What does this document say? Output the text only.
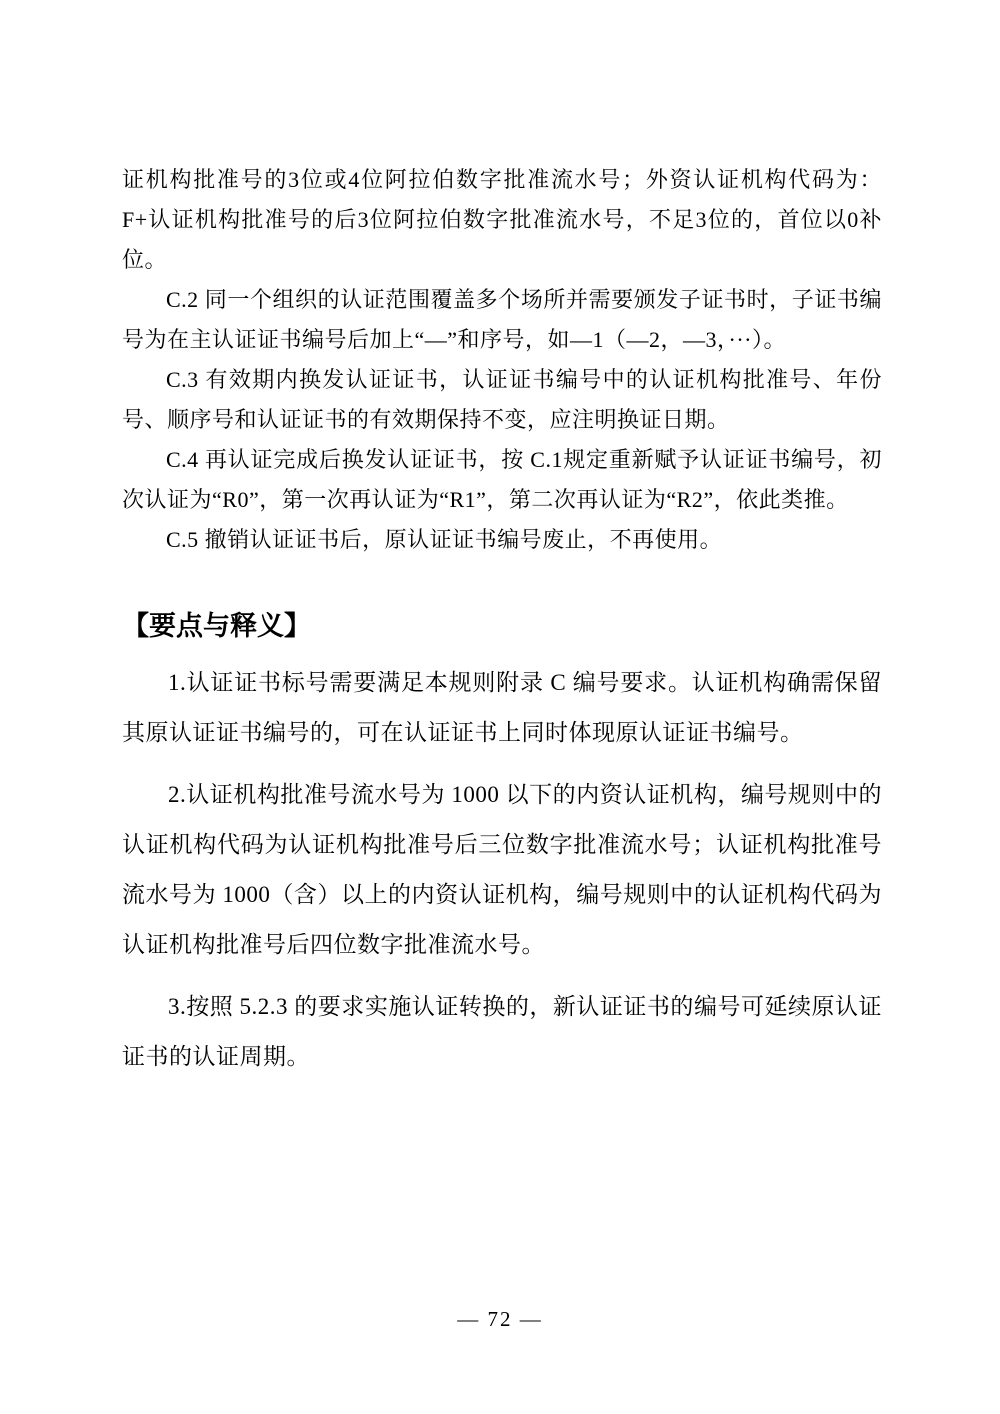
证机构批准号的3位或4位阿拉伯数字批准流水号；外资认证机构代码为：F+认证机构批准号的后3位阿拉伯数字批准流水号，不足3位的，首位以0补位。

C.2 同一个组织的认证范围覆盖多个场所并需要颁发子证书时，子证书编号为在主认证证书编号后加上“—”和序号，如—1（—2，—3，···）。

C.3 有效期内换发认证证书，认证证书编号中的认证机构批准号、年份号、顺序号和认证证书的有效期保持不变，应注明换证日期。

C.4 再认证完成后换发认证证书，按 C.1规定重新赋予认证证书编号，初次认证为“R0”，第一次再认证为“R1”，第二次再认证为“R2”，依此类推。

C.5 撤销认证证书后，原认证证书编号废止，不再使用。

【要点与释义】

1.认证证书标号需要满足本规则附录 C 编号要求。认证机构确需保留其原认证证书编号的，可在认证证书上同时体现原认证证书编号。

2.认证机构批准号流水号为 1000 以下的内资认证机构，编号规则中的认证机构代码为认证机构批准号后三位数字批准流水号；认证机构批准号流水号为 1000（含）以上的内资认证机构，编号规则中的认证机构代码为认证机构批准号后四位数字批准流水号。

3.按照 5.2.3 的要求实施认证转换的，新认证证书的编号可延续原认证证书的认证周期。

— 72 —
